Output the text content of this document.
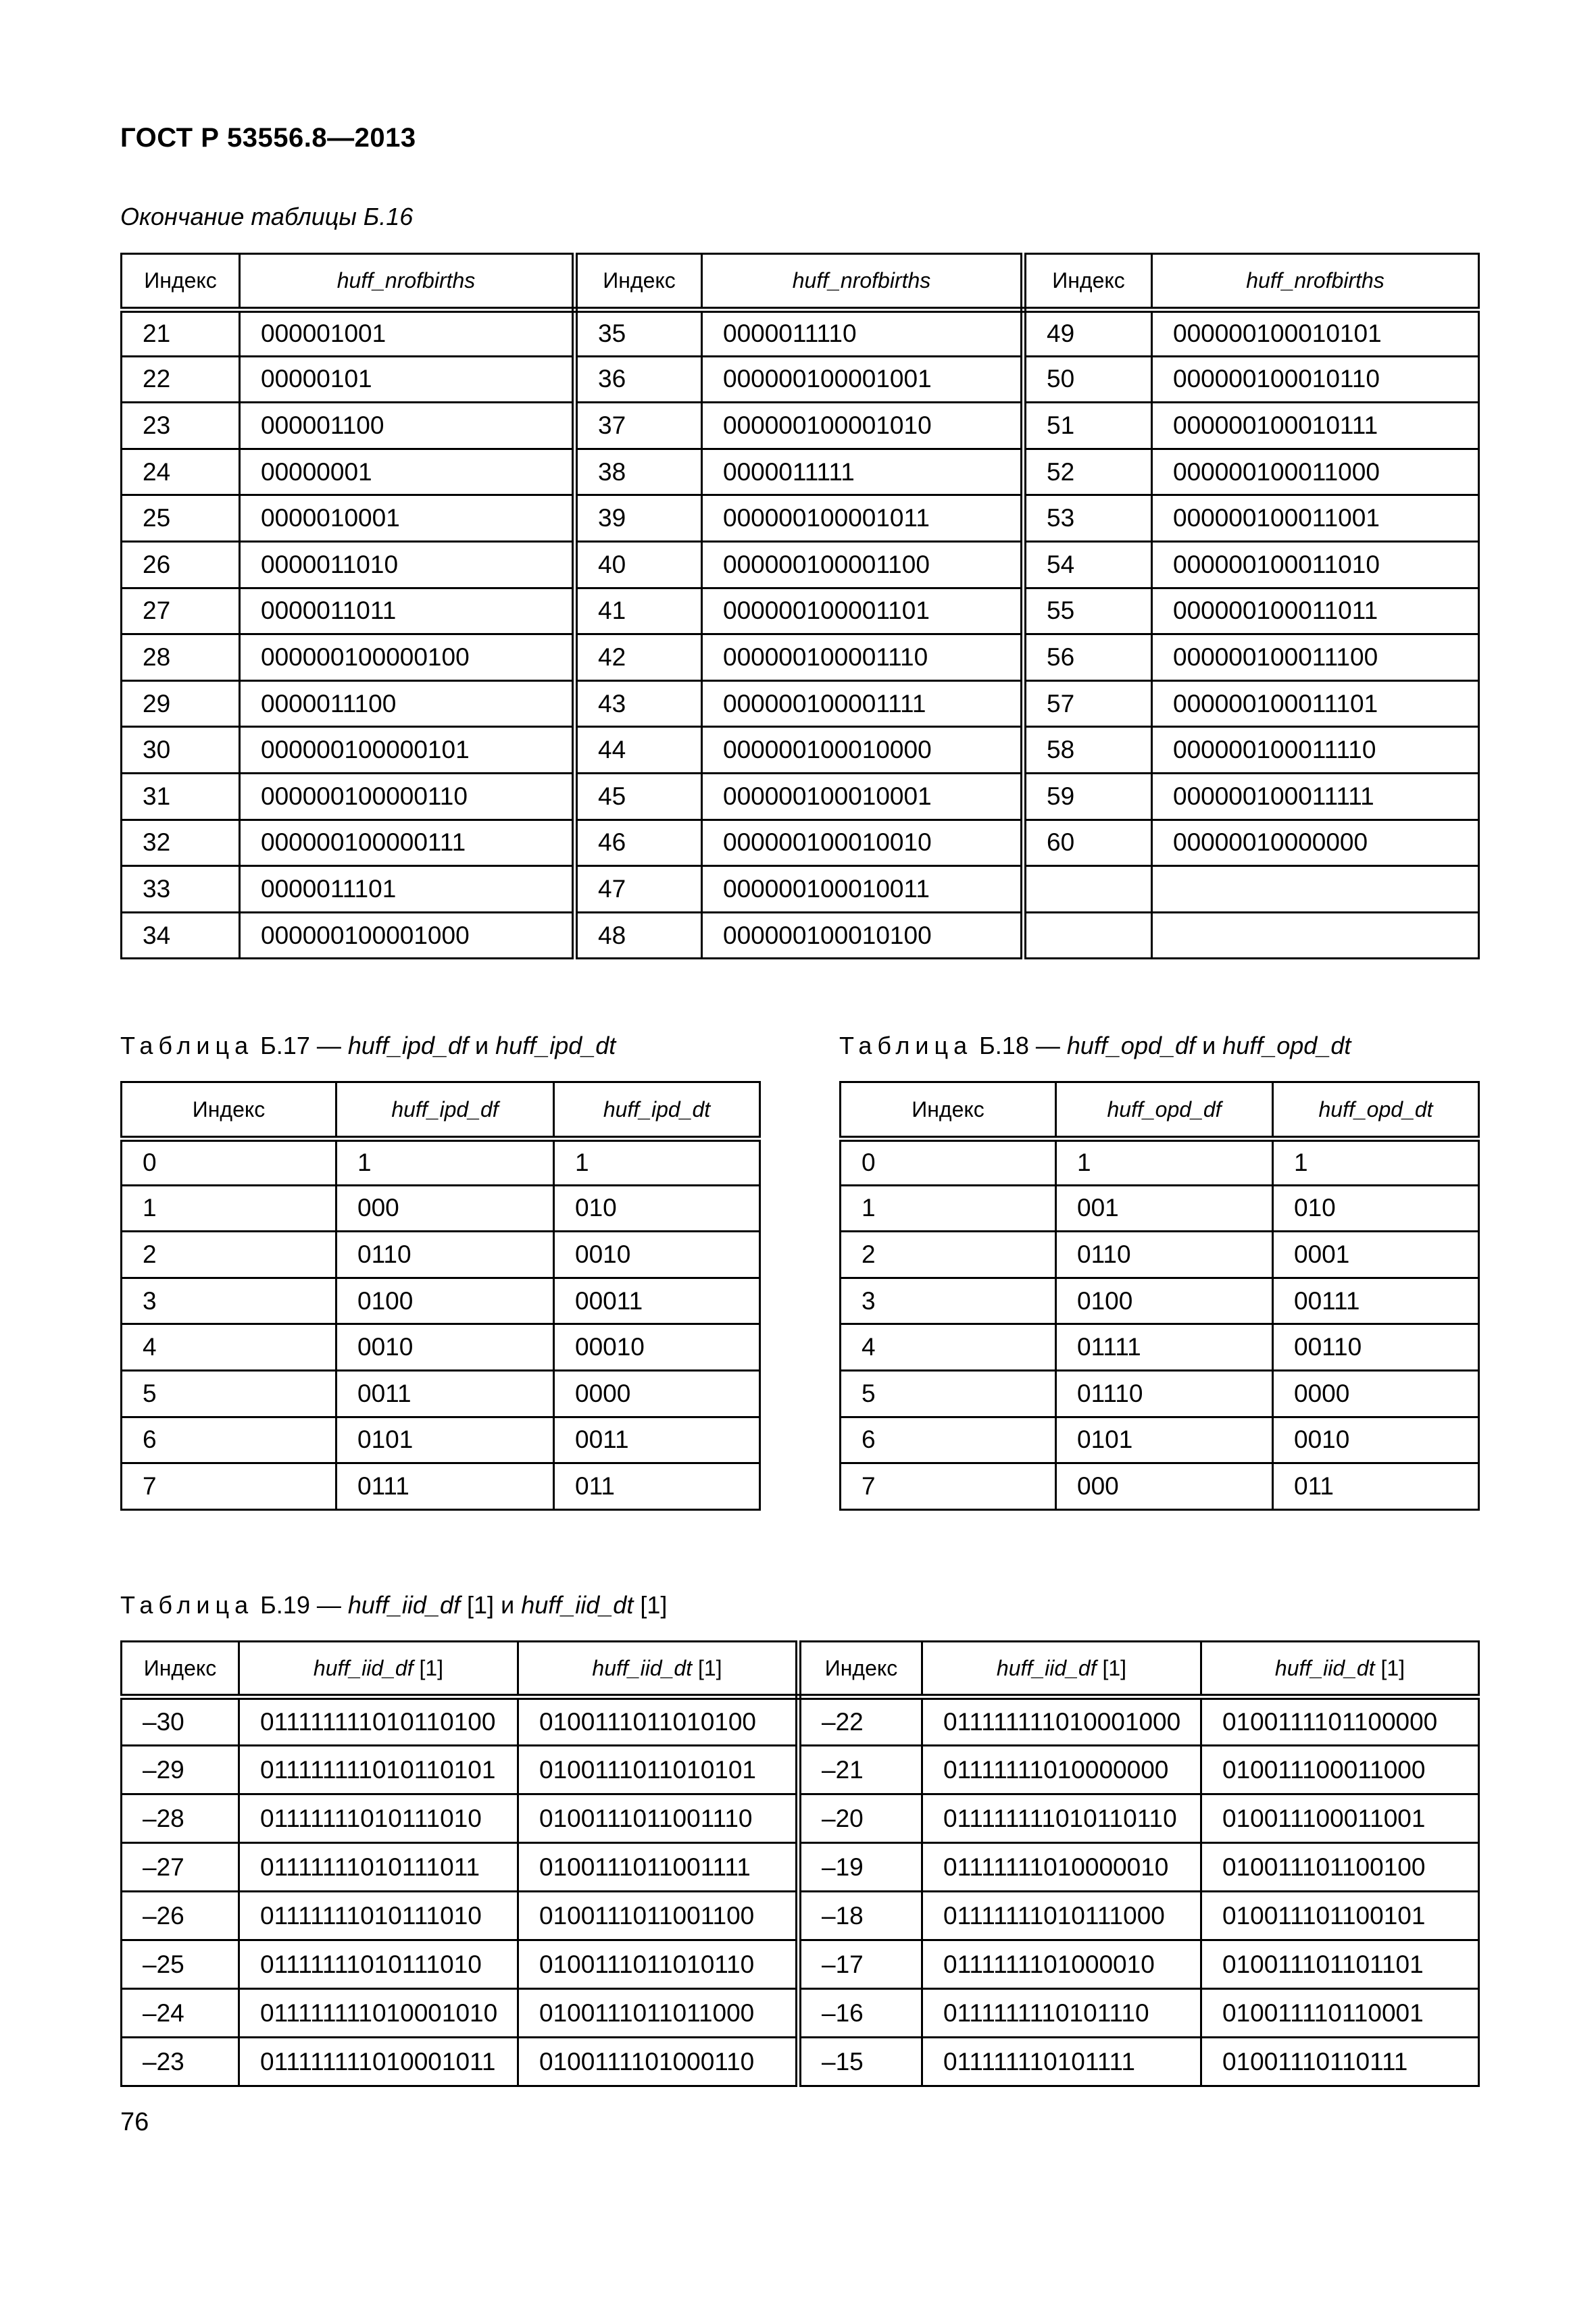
ГОСТ Р 53556.8—2013
Окончание таблицы Б.16
Индекс	huff_nrofbirths	Индекс	huff_nrofbirths	Индекс	huff_nrofbirths
21	000001001	35	0000011110	49	000000100010101
22	00000101	36	000000100001001	50	000000100010110
23	000001100	37	000000100001010	51	000000100010111
24	00000001	38	0000011111	52	000000100011000
25	0000010001	39	000000100001011	53	000000100011001
26	0000011010	40	000000100001100	54	000000100011010
27	0000011011	41	000000100001101	55	000000100011011
28	000000100000100	42	000000100001110	56	000000100011100
29	0000011100	43	000000100001111	57	000000100011101
30	000000100000101	44	000000100010000	58	000000100011110
31	000000100000110	45	000000100010001	59	000000100011111
32	000000100000111	46	000000100010010	60	00000010000000
33	0000011101	47	000000100010011		
34	000000100001000	48	000000100010100		
Таблица Б.17 — huff_ipd_df и huff_ipd_dt
Индекс	huff_ipd_df	huff_ipd_dt
0	1	1
1	000	010
2	0110	0010
3	0100	00011
4	0010	00010
5	0011	0000
6	0101	0011
7	0111	011
Таблица Б.18 — huff_opd_df и huff_opd_dt
Индекс	huff_opd_df	huff_opd_dt
0	1	1
1	001	010
2	0110	0001
3	0100	00111
4	01111	00110
5	01110	0000
6	0101	0010
7	000	011
Таблица Б.19 — huff_iid_df [1] и huff_iid_dt [1]
Индекс	huff_iid_df [1]	huff_iid_dt [1]	Индекс	huff_iid_df [1]	huff_iid_dt [1]
–30	011111111010110100	0100111011010100	–22	011111111010001000	0100111101100000
–29	011111111010110101	0100111011010101	–21	01111111010000000	010011100011000
–28	01111111010111010	0100111011001110	–20	011111111010110110	010011100011001
–27	01111111010111011	0100111011001111	–19	01111111010000010	010011101100100
–26	01111111010111010	0100111011001100	–18	01111111010111000	010011101100101
–25	01111111010111010	0100111011010110	–17	0111111101000010	010011101101101
–24	011111111010001010	0100111011011000	–16	0111111110101110	010011110110001
–23	011111111010001011	0100111101000110	–15	011111110101111	01001110110111
76
